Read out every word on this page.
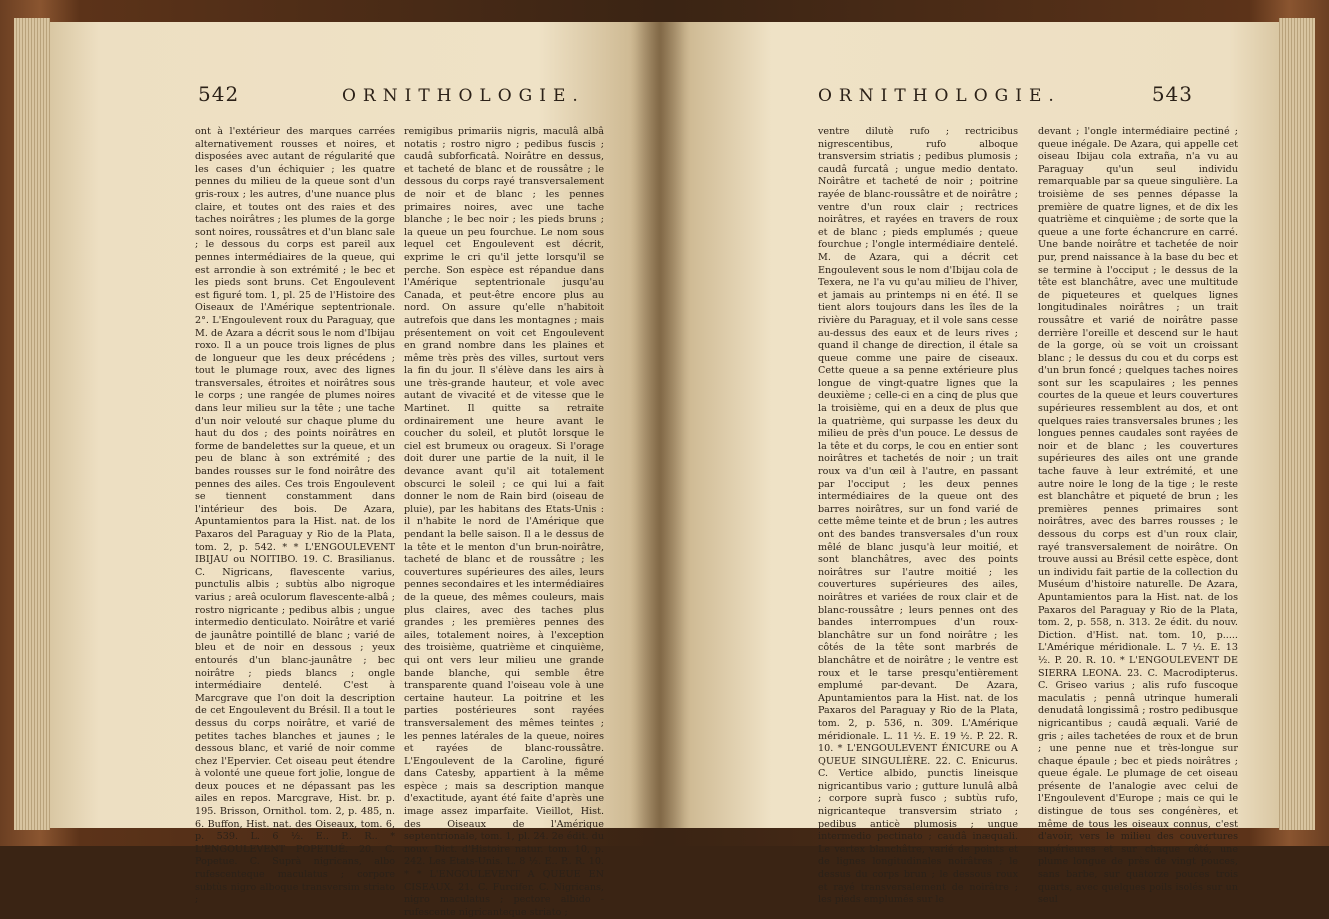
542	ORNITHOLOGIE.

ont à l'extérieur des marques carrées alternativement rousses et noires, et disposées avec autant de régularité que les cases d'un échiquier ; les quatre pennes du milieu de la queue sont d'un gris-roux ; les autres, d'une nuance plus claire, et toutes ont des raies et des taches noirâtres ; les plumes de la gorge sont noires, roussâtres et d'un blanc sale ; le dessous du corps est pareil aux pennes intermédiaires de la queue, qui est arrondie à son extrémité ; le bec et les pieds sont bruns. Cet Engoulevent est figuré tom. 1, pl. 25 de l'Histoire des Oiseaux de l'Amérique septentrionale. 2°. L'Engoulevent roux du Paraguay, que M. de Azara a décrit sous le nom d'Ibijau roxo. Il a un pouce trois lignes de plus de longueur que les deux précédens ; tout le plumage roux, avec des lignes transversales, étroites et noirâtres sous le corps ; une rangée de plumes noires dans leur milieu sur la tête ; une tache d'un noir velouté sur chaque plume du haut du dos ; des points noirâtres en forme de bandelettes sur la queue, et un peu de blanc à son extrémité ; des bandes rousses sur le fond noirâtre des pennes des ailes. Ces trois Engoulevent se tiennent constamment dans l'intérieur des bois. De Azara, Apuntamientos para la Hist. nat. de los Paxaros del Paraguay y Rio de la Plata, tom. 2, p. 542. * * L'ENGOULEVENT IBIJAU ou NOITIBO. 19. C. Brasilianus. C. Nigricans, flavescente varius, punctulis albis ; subtùs albo nigroque varius ; areâ oculorum flavescente-albâ ; rostro nigricante ; pedibus albis ; ungue intermedio denticulato. Noirâtre et varié de jaunâtre pointillé de blanc ; varié de bleu et de noir en dessous ; yeux entourés d'un blanc-jaunâtre ; bec noirâtre ; pieds blancs ; ongle intermédiaire dentelé. C'est à Marcgrave que l'on doit la description de cet Engoulevent du Brésil. Il a tout le dessus du corps noirâtre, et varié de petites taches blanches et jaunes ; le dessous blanc, et varié de noir comme chez l'Epervier. Cet oiseau peut étendre à volonté une queue fort jolie, longue de deux pouces et ne dépassant pas les ailes en repos. Marcgrave, Hist. br. p. 195. Brisson, Ornithol. tom. 2, p. 485, n. 6. Buffon, Hist. nat. des Oiseaux, tom. 6, p. 539. L. 6 ½. E.. P.. R.. * L'ENGOULEVENT POPETUÉ. 20. C. Popetue. C. Suprà nigricans, albo rufescenteque maculatus ; corpore subtùs nigro alboque transversim striato ;

remigibus primariis nigris, maculâ albâ notatis ; rostro nigro ; pedibus fuscis ; caudâ subforficatâ. Noirâtre en dessus, et tacheté de blanc et de roussâtre ; le dessous du corps rayé transversalement de noir et de blanc ; les pennes primaires noires, avec une tache blanche ; le bec noir ; les pieds bruns ; la queue un peu fourchue. Le nom sous lequel cet Engoulevent est décrit, exprime le cri qu'il jette lorsqu'il se perche. Son espèce est répandue dans l'Amérique septentrionale jusqu'au Canada, et peut-être encore plus au nord. On assure qu'elle n'habitoit autrefois que dans les montagnes ; mais présentement on voit cet Engoulevent en grand nombre dans les plaines et même très près des villes, surtout vers la fin du jour. Il s'élève dans les airs à une très-grande hauteur, et vole avec autant de vivacité et de vitesse que le Martinet. Il quitte sa retraite ordinairement une heure avant le coucher du soleil, et plutôt lorsque le ciel est brumeux ou orageux. Si l'orage doit durer une partie de la nuit, il le devance avant qu'il ait totalement obscurci le soleil ; ce qui lui a fait donner le nom de Rain bird (oiseau de pluie), par les habitans des Etats-Unis : il n'habite le nord de l'Amérique que pendant la belle saison. Il a le dessus de la tête et le menton d'un brun-noirâtre, tacheté de blanc et de roussâtre ; les couvertures supérieures des ailes, leurs pennes secondaires et les intermédiaires de la queue, des mêmes couleurs, mais plus claires, avec des taches plus grandes ; les premières pennes des ailes, totalement noires, à l'exception des troisième, quatrième et cinquième, qui ont vers leur milieu une grande bande blanche, qui semble être transparente quand l'oiseau vole à une certaine hauteur. La poitrine et les parties postérieures sont rayées transversalement des mêmes teintes ; les pennes latérales de la queue, noires et rayées de blanc-roussâtre. L'Engoulevent de la Caroline, figuré dans Catesby, appartient à la même espèce ; mais sa description manque d'exactitude, ayant été faite d'après une image assez imparfaite. Vieillot, Hist. des Oiseaux de l'Amérique septentrionale, tom. 1, pl. 24. 2e édit. du nouv. Dict. d'Histoire natur. tom. 10, p. 242. Les Etats-Unis. L. 8 ½. E.. P.. R. 10. * * L'ENGOULEVENT A QUEUE EN CISEAUX. 21. C. Furcifer. C. Nigricans, nigro maculatus ; pectore albido - rufescente nigricanteque striato ;

ORNITHOLOGIE.	543

ventre dilutè rufo ; rectricibus nigrescentibus, rufo alboque transversim striatis ; pedibus plumosis ; caudâ furcatâ ; ungue medio dentato. Noirâtre et tacheté de noir ; poitrine rayée de blanc-roussâtre et de noirâtre ; ventre d'un roux clair ; rectrices noirâtres, et rayées en travers de roux et de blanc ; pieds emplumés ; queue fourchue ; l'ongle intermédiaire dentelé. M. de Azara, qui a décrit cet Engoulevent sous le nom d'Ibijau cola de Texera, ne l'a vu qu'au milieu de l'hiver, et jamais au printemps ni en été. Il se tient alors toujours dans les îles de la rivière du Paraguay, et il vole sans cesse au-dessus des eaux et de leurs rives ; quand il change de direction, il étale sa queue comme une paire de ciseaux. Cette queue a sa penne extérieure plus longue de vingt-quatre lignes que la deuxième ; celle-ci en a cinq de plus que la troisième, qui en a deux de plus que la quatrième, qui surpasse les deux du milieu de près d'un pouce. Le dessus de la tête et du corps, le cou en entier sont noirâtres et tachetés de noir ; un trait roux va d'un œil à l'autre, en passant par l'occiput ; les deux pennes intermédiaires de la queue ont des barres noirâtres, sur un fond varié de cette même teinte et de brun ; les autres ont des bandes transversales d'un roux mêlé de blanc jusqu'à leur moitié, et sont blanchâtres, avec des points noirâtres sur l'autre moitié ; les couvertures supérieures des ailes, noirâtres et variées de roux clair et de blanc-roussâtre ; leurs pennes ont des bandes interrompues d'un roux-blanchâtre sur un fond noirâtre ; les côtés de la tête sont marbrés de blanchâtre et de noirâtre ; le ventre est roux et le tarse presqu'entièrement emplumé par-devant. De Azara, Apuntamientos para la Hist. nat. de los Paxaros del Paraguay y Rio de la Plata, tom. 2, p. 536, n. 309. L'Amérique méridionale. L. 11 ½. E. 19 ½. P. 22. R. 10. * L'ENGOULEVENT ÉNICURE ou A QUEUE SINGULIÈRE. 22. C. Enicurus. C. Vertice albido, punctis lineisque nigricantibus vario ; gutture lunulâ albâ ; corpore suprà fusco ; subtùs rufo, nigricanteque transversim striato ; pedibus anticè plumosis ; ungue intermedio pectinato ; caudâ inæquali. Le vertex blanchâtre, varié de points et de lignes longitudinales noirâtres ; le dessus du corps brun ; le dessous roux et rayé transversalement de noirâtre ; les pieds emplumés sur le

devant ; l'ongle intermédiaire pectiné ; queue inégale. De Azara, qui appelle cet oiseau Ibijau cola extraña, n'a vu au Paraguay qu'un seul individu remarquable par sa queue singulière. La troisième de ses pennes dépasse la première de quatre lignes, et de dix les quatrième et cinquième ; de sorte que la queue a une forte échancrure en carré. Une bande noirâtre et tachetée de noir pur, prend naissance à la base du bec et se termine à l'occiput ; le dessus de la tête est blanchâtre, avec une multitude de piqueteures et quelques lignes longitudinales noirâtres ; un trait roussâtre et varié de noirâtre passe derrière l'oreille et descend sur le haut de la gorge, où se voit un croissant blanc ; le dessus du cou et du corps est d'un brun foncé ; quelques taches noires sont sur les scapulaires ; les pennes courtes de la queue et leurs couvertures supérieures ressemblent au dos, et ont quelques raies transversales brunes ; les longues pennes caudales sont rayées de noir et de blanc ; les couvertures supérieures des ailes ont une grande tache fauve à leur extrémité, et une autre noire le long de la tige ; le reste est blanchâtre et piqueté de brun ; les premières pennes primaires sont noirâtres, avec des barres rousses ; le dessous du corps est d'un roux clair, rayé transversalement de noirâtre. On trouve aussi au Brésil cette espèce, dont un individu fait partie de la collection du Muséum d'histoire naturelle. De Azara, Apuntamientos para la Hist. nat. de los Paxaros del Paraguay y Rio de la Plata, tom. 2, p. 558, n. 313. 2e édit. du nouv. Diction. d'Hist. nat. tom. 10, p..... L'Amérique méridionale. L. 7 ½. E. 13 ½. P. 20. R. 10. * L'ENGOULEVENT DE SIERRA LEONA. 23. C. Macrodipterus. C. Griseo varius ; alis rufo fuscoque maculatis ; pennâ utrinque humerali denudatâ longissimâ ; rostro pedibusque nigricantibus ; caudâ æquali. Varié de gris ; ailes tachetées de roux et de brun ; une penne nue et très-longue sur chaque épaule ; bec et pieds noirâtres ; queue égale. Le plumage de cet oiseau présente de l'analogie avec celui de l'Engoulevent d'Europe ; mais ce qui le distingue de tous ses congénères, et même de tous les oiseaux connus, c'est d'avoir, vers le milieu des couvertures supérieures et sur chaque côté, une plume longue de près de vingt pouces, sans barbe, sur quatorze pouces trois quarts, avec quelques poils isolés sur un seul
